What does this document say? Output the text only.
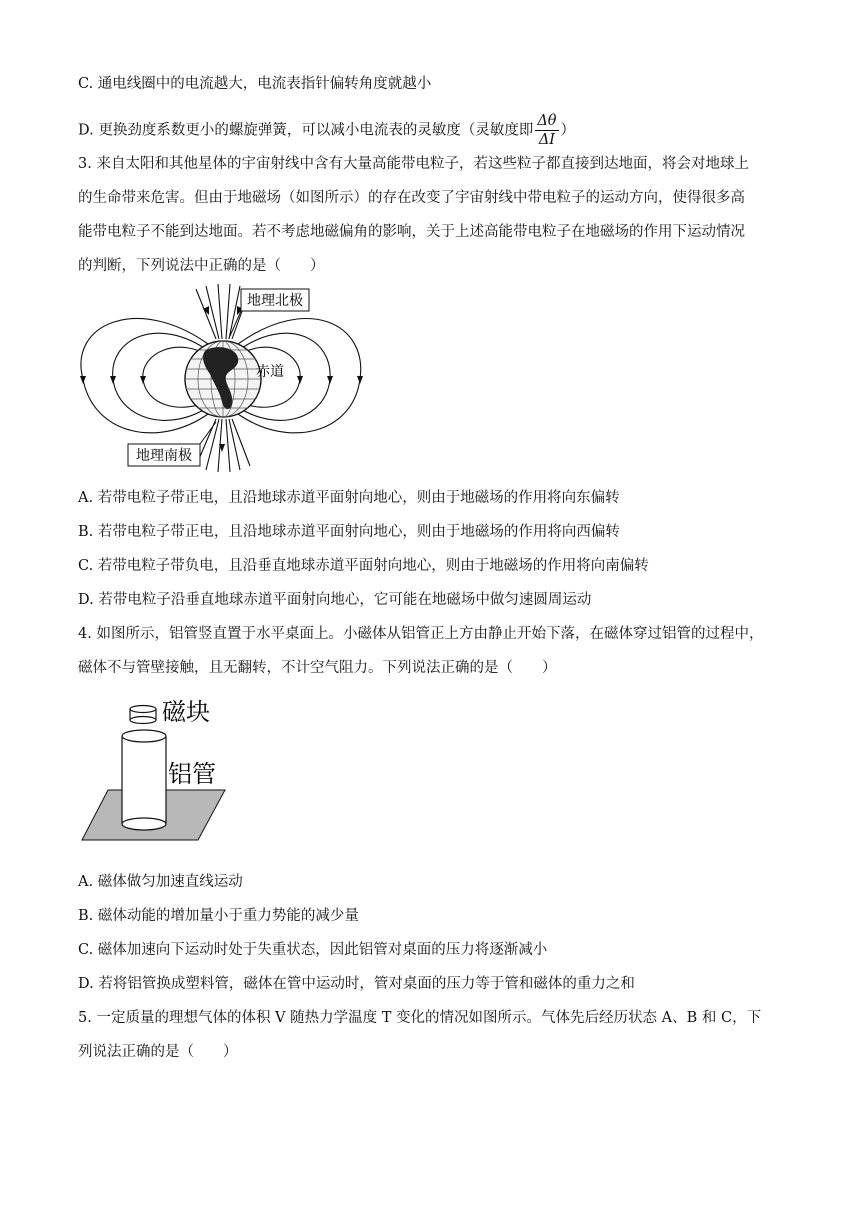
C. 通电线圈中的电流越大，电流表指针偏转角度就越小
D. 更换劲度系数更小的螺旋弹簧，可以减小电流表的灵敏度（灵敏度即 $\frac{\Delta\theta}{\Delta I}$ ）
3. 来自太阳和其他星体的宇宙射线中含有大量高能带电粒子，若这些粒子都直接到达地面，将会对地球上
的生命带来危害。但由于地磁场（如图所示）的存在改变了宇宙射线中带电粒子的运动方向，使得很多高
能带电粒子不能到达地面。若不考虑地磁偏角的影响，关于上述高能带电粒子在地磁场的作用下运动情况
的判断，下列说法中正确的是（　　）
地理北极
赤道
地理南极
A. 若带电粒子带正电，且沿地球赤道平面射向地心，则由于地磁场的作用将向东偏转
B. 若带电粒子带正电，且沿地球赤道平面射向地心，则由于地磁场的作用将向西偏转
C. 若带电粒子带负电，且沿垂直地球赤道平面射向地心，则由于地磁场的作用将向南偏转
D. 若带电粒子沿垂直地球赤道平面射向地心，它可能在地磁场中做匀速圆周运动
4. 如图所示，铝管竖直置于水平桌面上。小磁体从铝管正上方由静止开始下落，在磁体穿过铝管的过程中，
磁体不与管壁接触，且无翻转，不计空气阻力。下列说法正确的是（　　）
磁块
铝管
A. 磁体做匀加速直线运动
B. 磁体动能的增加量小于重力势能的减少量
C. 磁体加速向下运动时处于失重状态，因此铝管对桌面的压力将逐渐减小
D. 若将铝管换成塑料管，磁体在管中运动时，管对桌面的压力等于管和磁体的重力之和
5. 一定质量的理想气体的体积 V 随热力学温度 T 变化的情况如图所示。气体先后经历状态 A、B 和 C，下
列说法正确的是（　　）
